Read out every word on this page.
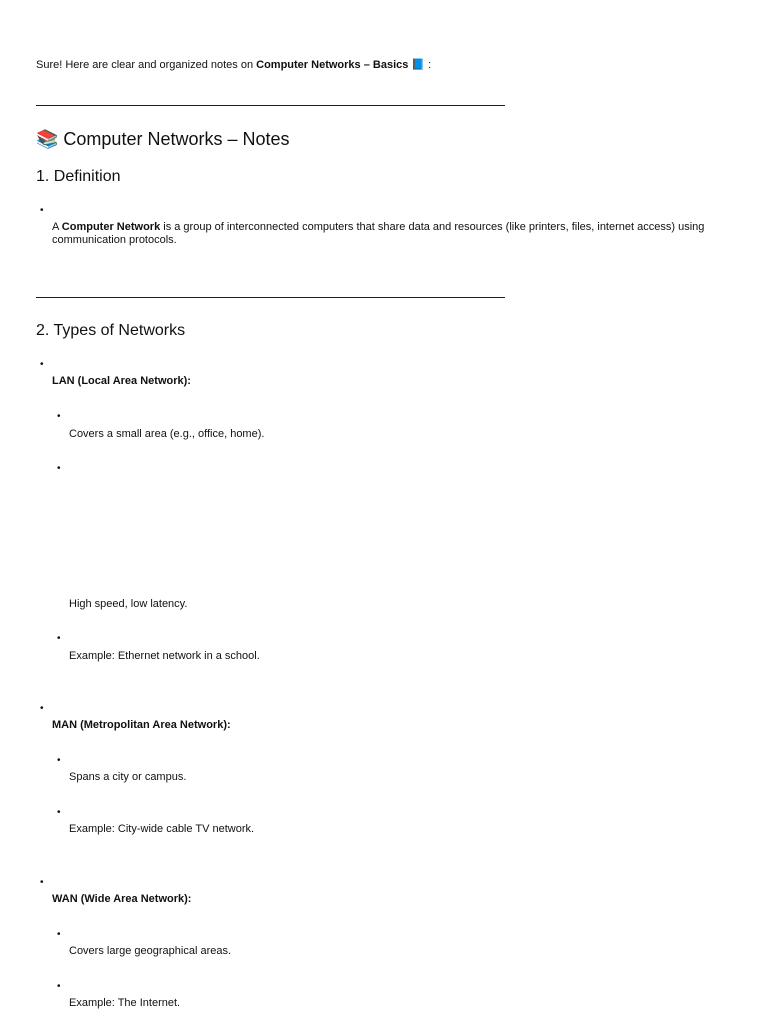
Sure! Here are clear and organized notes on Computer Networks – Basics 📘 :
📚 Computer Networks – Notes
1. Definition
•
A Computer Network is a group of interconnected computers that share data and resources (like printers, files, internet access) using communication protocols.
2. Types of Networks
•
LAN (Local Area Network):
•
Covers a small area (e.g., office, home).
•
High speed, low latency.
•
Example: Ethernet network in a school.
•
MAN (Metropolitan Area Network):
•
Spans a city or campus.
•
Example: City-wide cable TV network.
•
WAN (Wide Area Network):
•
Covers large geographical areas.
•
Example: The Internet.
